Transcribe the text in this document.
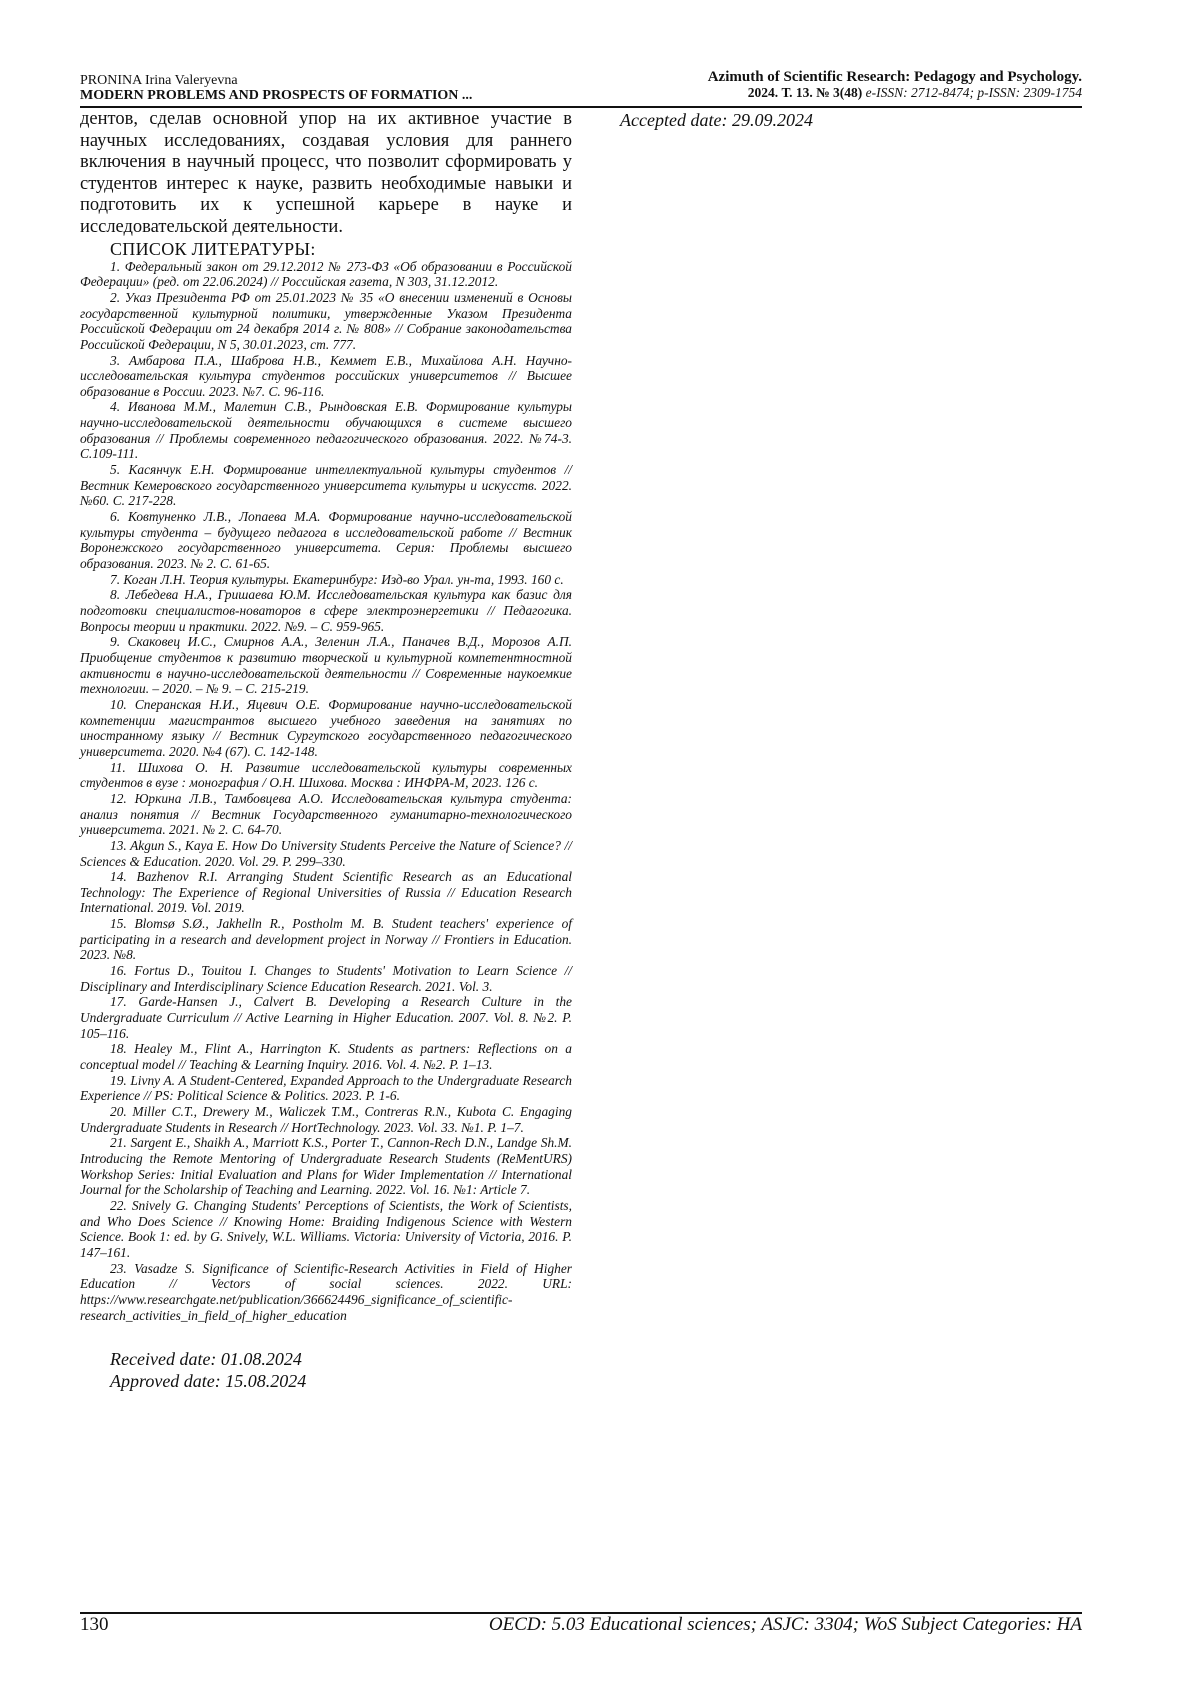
PRONINA Irina Valeryevna
MODERN PROBLEMS AND PROSPECTS OF FORMATION ...
Azimuth of Scientific Research: Pedagogy and Psychology.
2024. Т. 13. № 3(48) e-ISSN: 2712-8474; p-ISSN: 2309-1754

дентов, сделав основной упор на их активное участие в научных исследованиях, создавая условия для раннего включения в научный процесс, что позволит сформировать у студентов интерес к науке, развить необходимые навыки и подготовить их к успешной карьере в науке и исследовательской деятельности.

СПИСОК ЛИТЕРАТУРЫ:
1. Федеральный закон от 29.12.2012 № 273-ФЗ «Об образовании в Российской Федерации» (ред. от 22.06.2024) // Российская газета, N 303, 31.12.2012.
2. Указ Президента РФ от 25.01.2023 № 35 «О внесении изменений в Основы государственной культурной политики, утвержденные Указом Президента Российской Федерации от 24 декабря 2014 г. № 808» // Собрание законодательства Российской Федерации, N 5, 30.01.2023, ст. 777.
3. Амбарова П.А., Шаброва Н.В., Кеммет Е.В., Михайлова А.Н. Научно-исследовательская культура студентов российских университетов // Высшее образование в России. 2023. №7. С. 96-116.
4. Иванова М.М., Малетин С.В., Рындовская Е.В. Формирование культуры научно-исследовательской деятельности обучающихся в системе высшего образования // Проблемы современного педагогического образования. 2022. №74-3. С.109-111.
5. Касянчук Е.Н. Формирование интеллектуальной культуры студентов // Вестник Кемеровского государственного университета культуры и искусств. 2022. №60. С. 217-228.
6. Ковтуненко Л.В., Лопаева М.А. Формирование научно-исследовательской культуры студента – будущего педагога в исследовательской работе // Вестник Воронежского государственного университета. Серия: Проблемы высшего образования. 2023. № 2. С. 61-65.
7. Коган Л.Н. Теория культуры. Екатеринбург: Изд-во Урал. ун-та, 1993. 160 с.
8. Лебедева Н.А., Гришаева Ю.М. Исследовательская культура как базис для подготовки специалистов-новаторов в сфере электроэнергетики // Педагогика. Вопросы теории и практики. 2022. №9. – С. 959-965.
9. Скаковец И.С., Смирнов А.А., Зеленин Л.А., Паначев В.Д., Морозов А.П. Приобщение студентов к развитию творческой и культурной компетентностной активности в научно-исследовательской деятельности // Современные наукоемкие технологии. – 2020. – № 9. – С. 215-219.
10. Сперанская Н.И., Яцевич О.Е. Формирование научно-исследовательской компетенции магистрантов высшего учебного заведения на занятиях по иностранному языку // Вестник Сургутского государственного педагогического университета. 2020. №4 (67). С. 142-148.
11. Шихова О. Н. Развитие исследовательской культуры современных студентов в вузе : монография / О.Н. Шихова. Москва : ИНФРА-М, 2023. 126 с.
12. Юркина Л.В., Тамбовцева А.О. Исследовательская культура студента: анализ понятия // Вестник Государственного гуманитарно-технологического университета. 2021. № 2. С. 64-70.
13. Akgun S., Kaya E. How Do University Students Perceive the Nature of Science? // Sciences & Education. 2020. Vol. 29. P. 299–330.
14. Bazhenov R.I. Arranging Student Scientific Research as an Educational Technology: The Experience of Regional Universities of Russia // Education Research International. 2019. Vol. 2019.
15. Blomsø S.Ø., Jakhelln R., Postholm M. B. Student teachers' experience of participating in a research and development project in Norway // Frontiers in Education. 2023. №8.
16. Fortus D., Touitou I. Changes to Students' Motivation to Learn Science // Disciplinary and Interdisciplinary Science Education Research. 2021. Vol. 3.
17. Garde-Hansen J., Calvert B. Developing a Research Culture in the Undergraduate Curriculum // Active Learning in Higher Education. 2007. Vol. 8. №2. P. 105–116.
18. Healey M., Flint A., Harrington K. Students as partners: Reflections on a conceptual model // Teaching & Learning Inquiry. 2016. Vol. 4. №2. P. 1–13.
19. Livny A. A Student-Centered, Expanded Approach to the Undergraduate Research Experience // PS: Political Science & Politics. 2023. P. 1-6.
20. Miller C.T., Drewery M., Waliczek T.M., Contreras R.N., Kubota C. Engaging Undergraduate Students in Research // HortTechnology. 2023. Vol. 33. №1. P. 1–7.
21. Sargent E., Shaikh A., Marriott K.S., Porter T., Cannon-Rech D.N., Landge Sh.M. Introducing the Remote Mentoring of Undergraduate Research Students (ReMentURS) Workshop Series: Initial Evaluation and Plans for Wider Implementation // International Journal for the Scholarship of Teaching and Learning. 2022. Vol. 16. №1: Article 7.
22. Snively G. Changing Students' Perceptions of Scientists, the Work of Scientists, and Who Does Science // Knowing Home: Braiding Indigenous Science with Western Science. Book 1: ed. by G. Snively, W.L. Williams. Victoria: University of Victoria, 2016. P. 147–161.
23. Vasadze S. Significance of Scientific-Research Activities in Field of Higher Education // Vectors of social sciences. 2022. URL: https://www.researchgate.net/publication/366624496_significance_of_scientific-research_activities_in_field_of_higher_education
Received date: 01.08.2024
Approved date: 15.08.2024
Accepted date: 29.09.2024
130	OECD: 5.03 Educational sciences; ASJC: 3304; WoS Subject Categories: HA
